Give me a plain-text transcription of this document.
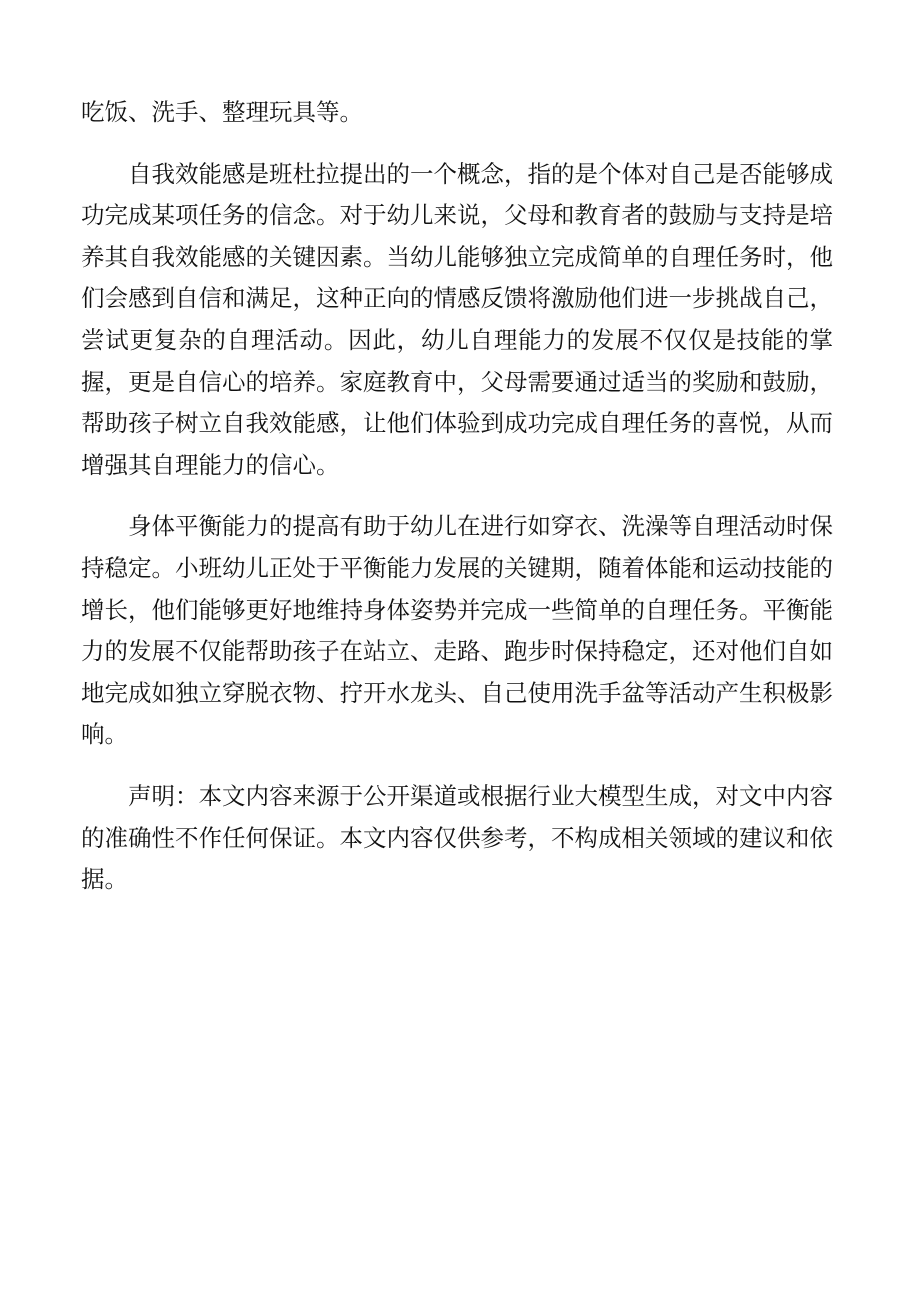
吃饭、洗手、整理玩具等。

自我效能感是班杜拉提出的一个概念，指的是个体对自己是否能够成功完成某项任务的信念。对于幼儿来说，父母和教育者的鼓励与支持是培养其自我效能感的关键因素。当幼儿能够独立完成简单的自理任务时，他们会感到自信和满足，这种正向的情感反馈将激励他们进一步挑战自己，尝试更复杂的自理活动。因此，幼儿自理能力的发展不仅仅是技能的掌握，更是自信心的培养。家庭教育中，父母需要通过适当的奖励和鼓励，帮助孩子树立自我效能感，让他们体验到成功完成自理任务的喜悦，从而增强其自理能力的信心。

身体平衡能力的提高有助于幼儿在进行如穿衣、洗澡等自理活动时保持稳定。小班幼儿正处于平衡能力发展的关键期，随着体能和运动技能的增长，他们能够更好地维持身体姿势并完成一些简单的自理任务。平衡能力的发展不仅能帮助孩子在站立、走路、跑步时保持稳定，还对他们自如地完成如独立穿脱衣物、拧开水龙头、自己使用洗手盆等活动产生积极影响。

声明：本文内容来源于公开渠道或根据行业大模型生成，对文中内容的准确性不作任何保证。本文内容仅供参考，不构成相关领域的建议和依据。
